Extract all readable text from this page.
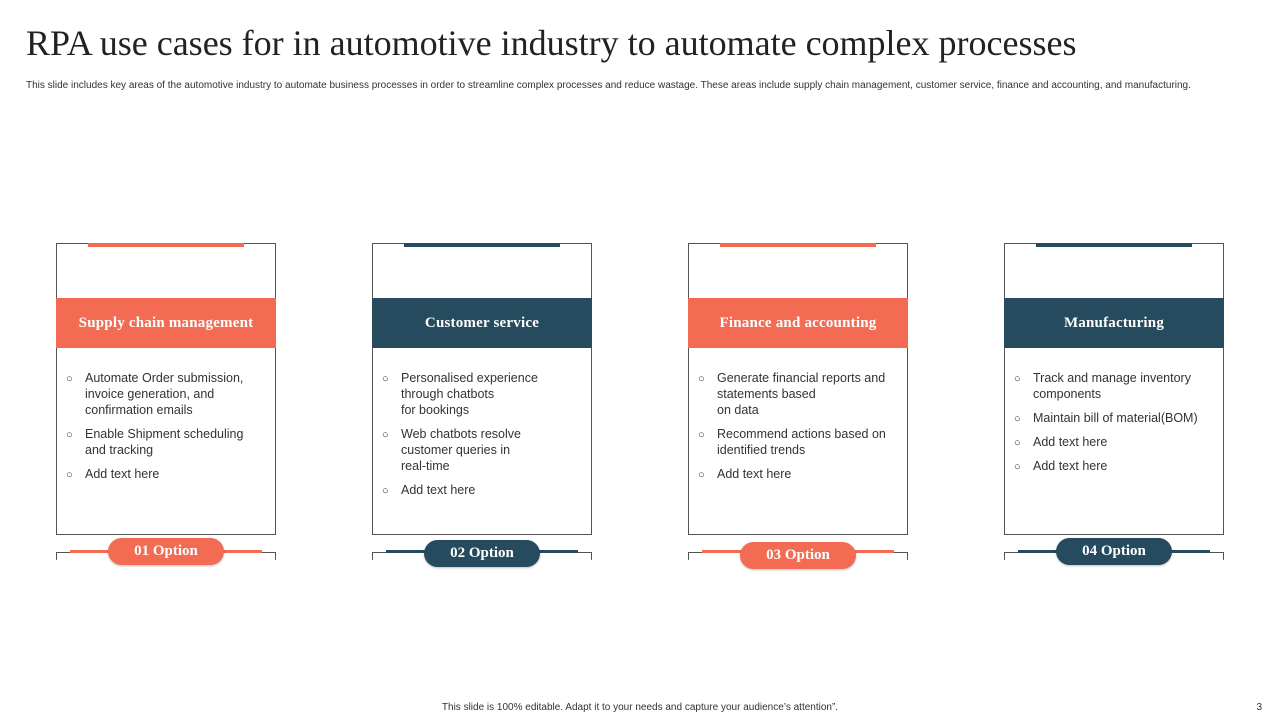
RPA use cases for in automotive industry to automate complex processes

This slide includes key areas of the automotive industry to automate business processes in order to streamline complex processes and reduce wastage. These areas include supply chain management, customer service, finance and accounting, and manufacturing.

Supply chain management
○ Automate Order submission,
invoice generation, and
confirmation emails
○ Enable Shipment scheduling
and tracking
○ Add text here
01 Option
Customer service
○ Personalised experience
through chatbots
for bookings
○ Web chatbots resolve
customer queries in
real-time
○ Add text here
02 Option
Finance and accounting
○ Generate financial reports and
statements based
on data
○ Recommend actions based on
identified trends
○ Add text here
03 Option
Manufacturing
○ Track and manage inventory
components
○ Maintain bill of material(BOM)
○ Add text here
○ Add text here
04 Option
This slide is 100% editable. Adapt it to your needs and capture your audience’s attention”.	3
